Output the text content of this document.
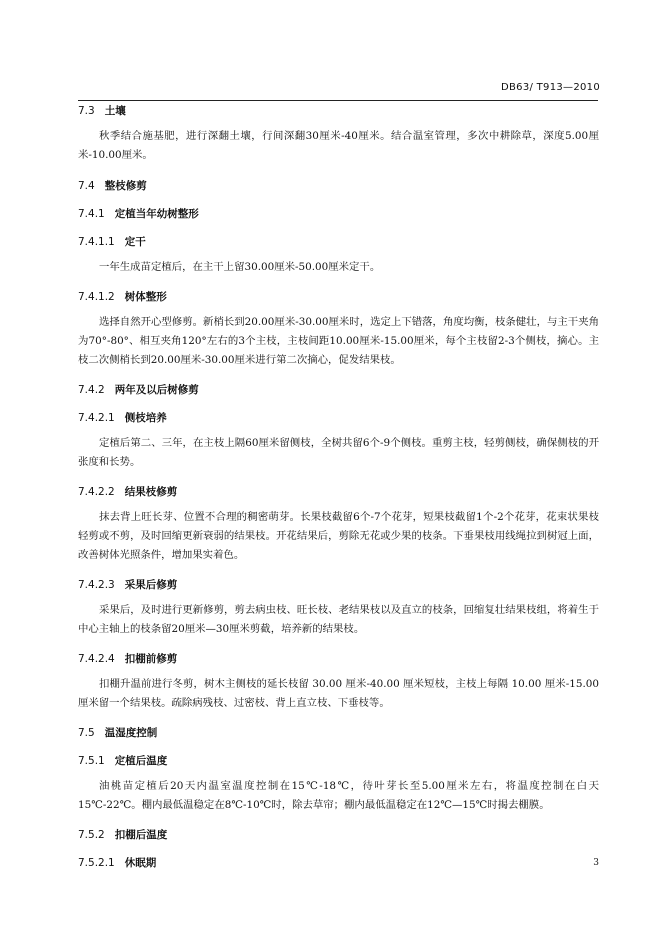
DB63/ T913—2010
7.3 土壤
秋季结合施基肥，进行深翻土壤，行间深翻30厘米-40厘米。结合温室管理，多次中耕除草，深度5.00厘米-10.00厘米。
7.4 整枝修剪
7.4.1 定植当年幼树整形
7.4.1.1 定干
一年生成苗定植后，在主干上留30.00厘米-50.00厘米定干。
7.4.1.2 树体整形
选择自然开心型修剪。新梢长到20.00厘米-30.00厘米时，选定上下错落，角度均衡，枝条健壮，与主干夹角为70°-80°、相互夹角120°左右的3个主枝，主枝间距10.00厘米-15.00厘米，每个主枝留2-3个侧枝，摘心。主枝二次侧梢长到20.00厘米-30.00厘米进行第二次摘心，促发结果枝。
7.4.2 两年及以后树修剪
7.4.2.1 侧枝培养
定植后第二、三年，在主枝上隔60厘米留侧枝，全树共留6个-9个侧枝。重剪主枝，轻剪侧枝，确保侧枝的开张度和长势。
7.4.2.2 结果枝修剪
抹去背上旺长芽、位置不合理的稠密萌芽。长果枝截留6个-7个花芽，短果枝截留1个-2个花芽，花束状果枝轻剪或不剪，及时回缩更新衰弱的结果枝。开花结果后，剪除无花或少果的枝条。下垂果枝用线绳拉到树冠上面，改善树体光照条件，增加果实着色。
7.4.2.3 采果后修剪
采果后，及时进行更新修剪，剪去病虫枝、旺长枝、老结果枝以及直立的枝条，回缩复壮结果枝组，将着生于中心主轴上的枝条留20厘米—30厘米剪截，培养新的结果枝。
7.4.2.4 扣棚前修剪
扣棚升温前进行冬剪，树木主侧枝的延长枝留 30.00 厘米-40.00 厘米短枝，主枝上每隔 10.00 厘米-15.00 厘米留一个结果枝。疏除病残枝、过密枝、背上直立枝、下垂枝等。
7.5 温湿度控制
7.5.1 定植后温度
油桃苗定植后20天内温室温度控制在15℃-18℃，待叶芽长至5.00厘米左右，将温度控制在白天15℃-22℃。棚内最低温稳定在8℃-10℃时，除去草帘；棚内最低温稳定在12℃—15℃时揭去棚膜。
7.5.2 扣棚后温度
7.5.2.1 休眠期	3
